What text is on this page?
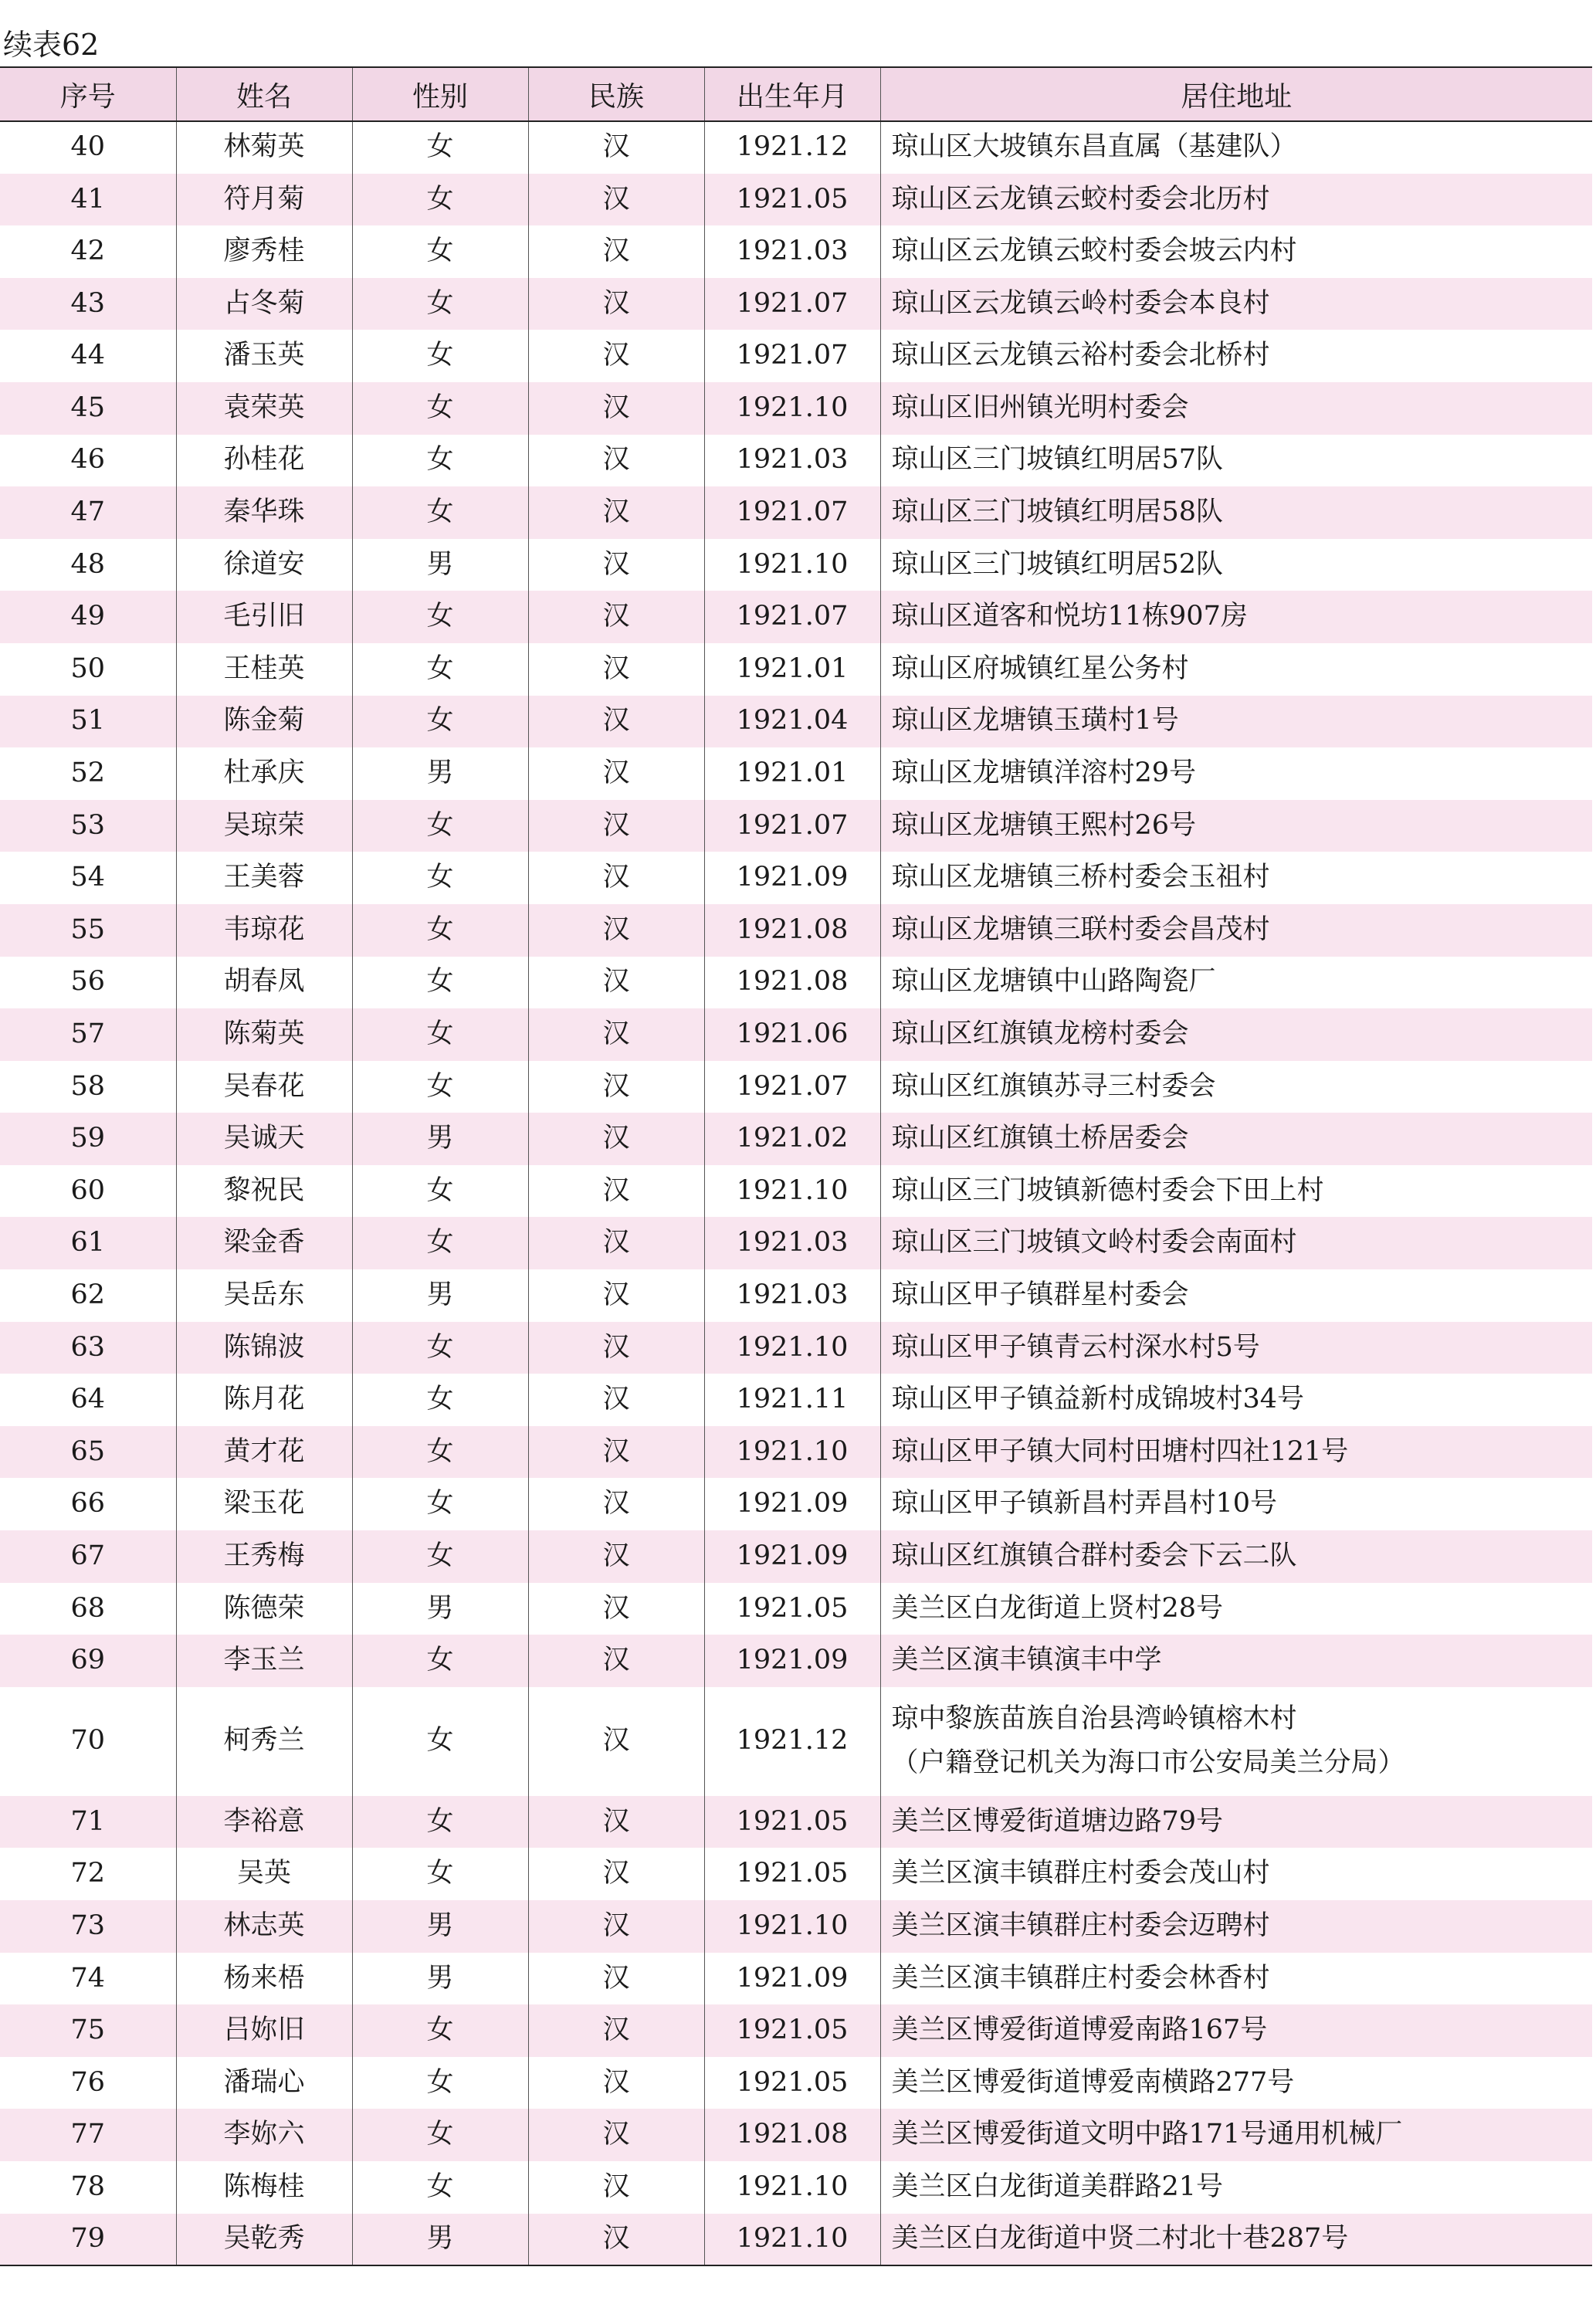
续表62
序号	姓名	性别	民族	出生年月	居住地址
40	林菊英	女	汉	1921.12	琼山区大坡镇东昌直属（基建队）

41	符月菊	女	汉	1921.05	琼山区云龙镇云蛟村委会北历村

42	廖秀桂	女	汉	1921.03	琼山区云龙镇云蛟村委会坡云内村

43	占冬菊	女	汉	1921.07	琼山区云龙镇云岭村委会本良村

44	潘玉英	女	汉	1921.07	琼山区云龙镇云裕村委会北桥村

45	袁荣英	女	汉	1921.10	琼山区旧州镇光明村委会

46	孙桂花	女	汉	1921.03	琼山区三门坡镇红明居57队

47	秦华珠	女	汉	1921.07	琼山区三门坡镇红明居58队

48	徐道安	男	汉	1921.10	琼山区三门坡镇红明居52队

49	毛引旧	女	汉	1921.07	琼山区道客和悦坊11栋907房

50	王桂英	女	汉	1921.01	琼山区府城镇红星公务村

51	陈金菊	女	汉	1921.04	琼山区龙塘镇玉璜村1号

52	杜承庆	男	汉	1921.01	琼山区龙塘镇洋溶村29号

53	吴琼荣	女	汉	1921.07	琼山区龙塘镇王熙村26号

54	王美蓉	女	汉	1921.09	琼山区龙塘镇三桥村委会玉祖村

55	韦琼花	女	汉	1921.08	琼山区龙塘镇三联村委会昌茂村

56	胡春凤	女	汉	1921.08	琼山区龙塘镇中山路陶瓷厂

57	陈菊英	女	汉	1921.06	琼山区红旗镇龙榜村委会

58	吴春花	女	汉	1921.07	琼山区红旗镇苏寻三村委会

59	吴诚天	男	汉	1921.02	琼山区红旗镇土桥居委会

60	黎祝民	女	汉	1921.10	琼山区三门坡镇新德村委会下田上村

61	梁金香	女	汉	1921.03	琼山区三门坡镇文岭村委会南面村

62	吴岳东	男	汉	1921.03	琼山区甲子镇群星村委会

63	陈锦波	女	汉	1921.10	琼山区甲子镇青云村深水村5号

64	陈月花	女	汉	1921.11	琼山区甲子镇益新村成锦坡村34号

65	黄才花	女	汉	1921.10	琼山区甲子镇大同村田塘村四社121号

66	梁玉花	女	汉	1921.09	琼山区甲子镇新昌村弄昌村10号

67	王秀梅	女	汉	1921.09	琼山区红旗镇合群村委会下云二队

68	陈德荣	男	汉	1921.05	美兰区白龙街道上贤村28号

69	李玉兰	女	汉	1921.09	美兰区演丰镇演丰中学

70	柯秀兰	女	汉	1921.12	琼中黎族苗族自治县湾岭镇榕木村
（户籍登记机关为海口市公安局美兰分局）

71	李裕意	女	汉	1921.05	美兰区博爱街道塘边路79号

72	吴英	女	汉	1921.05	美兰区演丰镇群庄村委会茂山村

73	林志英	男	汉	1921.10	美兰区演丰镇群庄村委会迈聘村

74	杨来梧	男	汉	1921.09	美兰区演丰镇群庄村委会林香村

75	吕妳旧	女	汉	1921.05	美兰区博爱街道博爱南路167号

76	潘瑞心	女	汉	1921.05	美兰区博爱街道博爱南横路277号

77	李妳六	女	汉	1921.08	美兰区博爱街道文明中路171号通用机械厂

78	陈梅桂	女	汉	1921.10	美兰区白龙街道美群路21号

79	吴乾秀	男	汉	1921.10	美兰区白龙街道中贤二村北十巷287号
